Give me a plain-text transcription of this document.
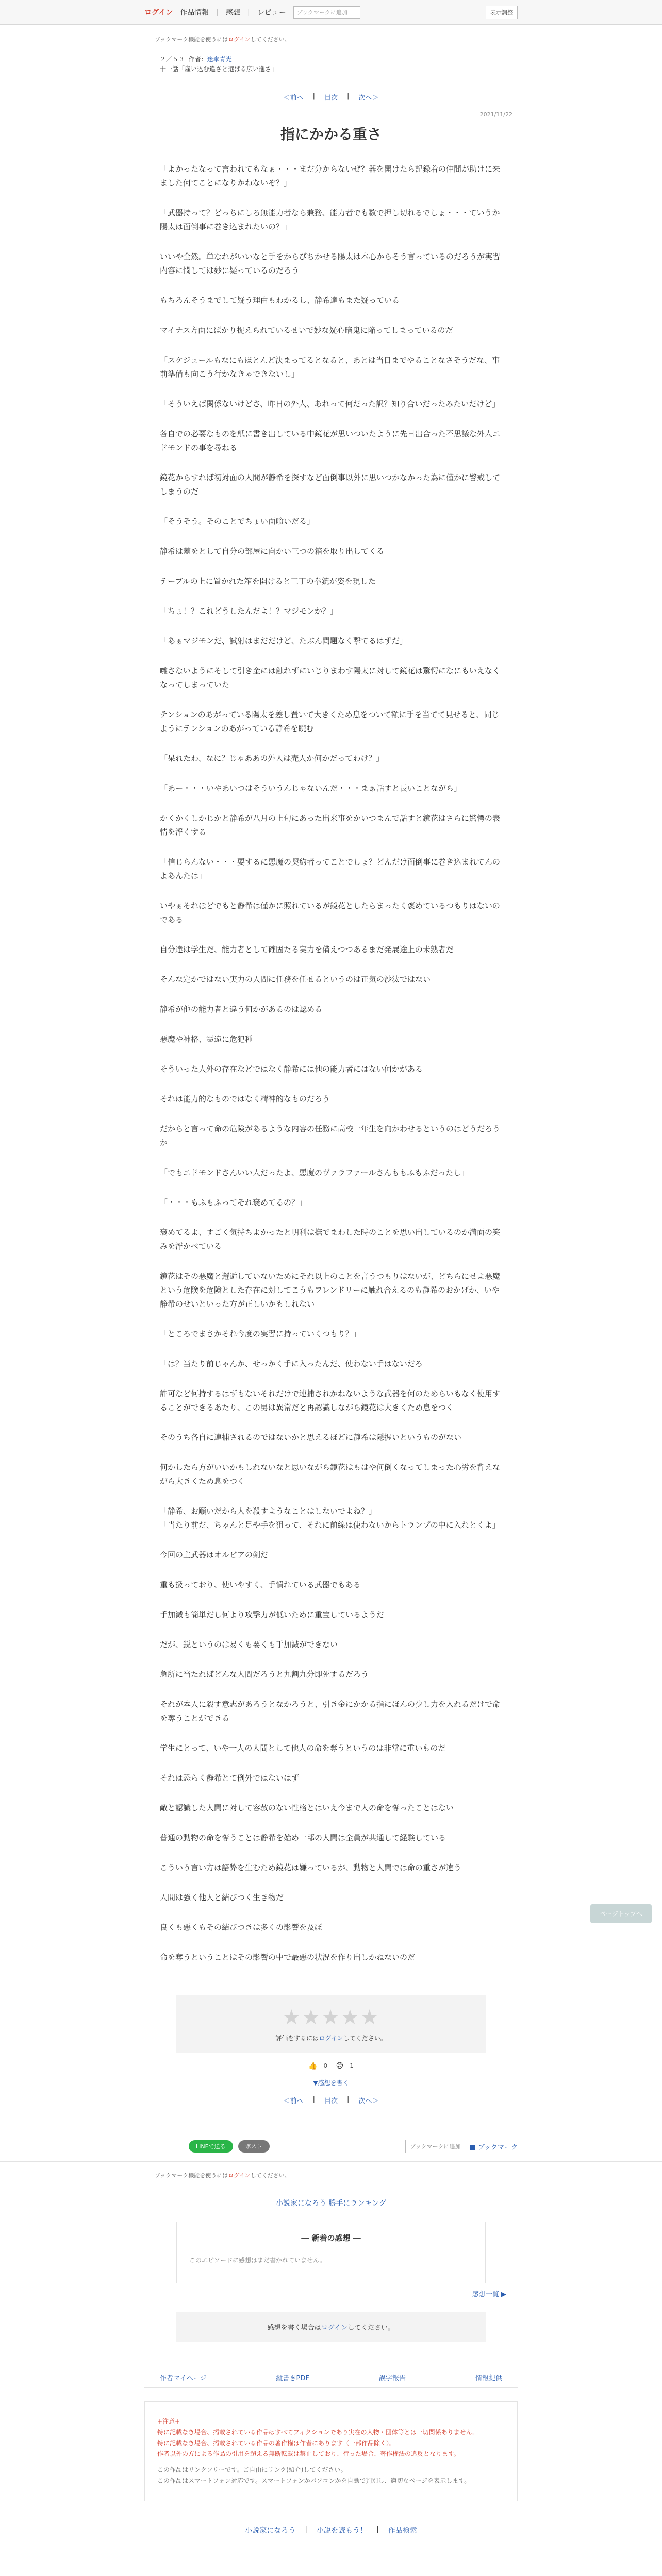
ログイン 作品情報 | 感想 | レビュー	ブックマークに追加	表示調整
ブックマーク機能を使うにはログインしてください。
２／５３ 作者：迷傘青光
十一話「雇い込む違さと選ばる広い進さ」
＜前へ | 目次 | 次へ＞
2021/11/22
指にかかる重さ

「よかったなって言われてもなぁ・・・まだ分からないぜ？器を開けたら記録着の仲間が助けに来ました何てことになりかねないぞ？」

「武器持って？どっちにしろ無能力者なら兼務、能力者でも数で押し切れるでしょ・・・ていうか陽太は面倒事に巻き込まれたいの？」

いいや全然。単なれがいいなと手をからびちかせる陽太は本心からそう言っているのだろうが実習内容に憫しては妙に疑っているのだろう

もちろんそうまでして疑う理由もわかるし、静希達もまた疑っている

マイナス方面にばかり捉えられているせいで妙な疑心暗鬼に陥ってしまっているのだ

「スケジュールもなにもほとんど決まってるとなると、あとは当日までやることなさそうだな、事前準備も向こう行かなきゃできないし」

「そういえば関係ないけどさ、昨日の外人、あれって何だった訳？知り合いだったみたいだけど」

各自での必要なものを紙に書き出している中鏡花が思いついたように先日出合った不思議な外人エドモンドの事を尋ねる

鏡花からすれば初対面の人間が静希を探すなど面倒事以外に思いつかなかった為に僅かに警戒してしまうのだ

「そうそう。そのことでちょい面喰いだる」

静希は蓋をとして自分の部屋に向かい三つの箱を取り出してくる

テーブルの上に置かれた箱を開けると三丁の拳銃が姿を現した

「ちょ！？これどうしたんだよ！？マジモンか？」

「あぁマジモンだ、試射はまだだけど、たぶん問題なく撃てるはずだ」

囃さないようにそして引き金には触れずにいじりまわす陽太に対して鏡花は驚愕になにもいえなくなってしまっていた

テンションのあがっている陽太を差し置いて大きくため息をついて額に手を当てて見せると、同じようにテンションのあがっている静希を睨む

「呆れたわ、なに？じゃああの外人は売人か何かだってわけ？」

「あー・・・いやあいつはそういうんじゃないんだ・・・まぁ話すと長いことながら」

かくかくしかじかと静希が八月の上旬にあった出来事をかいつまんで話すと鏡花はさらに驚愕の表情を浮くする

「信じらんない・・・要するに悪魔の契約者ってことでしょ？どんだけ面倒事に巻き込まれてんのよあんたは」

いやぁそれほどでもと静希は僅かに照れているが鏡花としたらまったく褒めているつもりはないのである

自分達は学生だ、能力者として確固たる実力を備えつつあるまだ発展途上の未熟者だ

そんな定かではない実力の人間に任務を任せるというのは正気の沙汰ではない

静希が他の能力者と違う何かがあるのは認める

悪魔や神格、霊遠に危犯種

そういった人外の存在などではなく静希には他の能力者にはない何かがある

それは能力的なものではなく精神的なものだろう

だからと言って命の危険があるような内容の任務に高校一年生を向かわせるというのはどうだろうか

「でもエドモンドさんいい人だったよ、悪魔のヴァラファールさんももふもふだったし」

「・・・もふもふってそれ褒めてるの？」

褒めてるよ、すごく気持ちよかったと明利は撫でまわした時のことを思い出しているのか満面の笑みを浮かべている

鏡花はその悪魔と邂逅していないためにそれ以上のことを言うつもりはないが、どちらにせよ悪魔という危険を危険とした存在に対してこうもフレンドリーに触れ合えるのも静希のおかげか、いや静希のせいといった方が正しいかもしれない

「ところでまさかそれ今度の実習に持っていくつもり？」

「は？当たり前じゃんか、せっかく手に入ったんだ、使わない手はないだろ」

許可など何持するはずもないそれだけで連捕されかねないような武器を何のためらいもなく使用することができるあたり、この男は異常だと再認識しながら鏡花は大きくため息をつく

そのうち各自に連捕されるのではないかと思えるほどに静希は隠握いというものがない

何かしたら方がいいかもしれないなと思いながら鏡花はもはや何倒くなってしまった心労を背えながら大きくため息をつく

「静希、お願いだから人を殺すようなことはしないでよね？」
「当たり前だ、ちゃんと足や手を狙って、それに前線は使わないからトランプの中に入れとくよ」

今回の主武器はオルビアの剣だ

重も扱っており、使いやすく、手慣れている武器でもある

手加減も簡単だし何より攻撃力が低いために重宝しているようだ

だが、鋭というのは易くも要くも手加減ができない

急所に当たればどんな人間だろうと九割九分即死するだろう

それが本人に殺す意志があろうとなかろうと、引き金にかかる指にほんの少し力を入れるだけで命を奪うことができる

学生にとって、いや一人の人間として他人の命を奪うというのは非常に重いものだ

それは恐らく静希とて例外ではないはず

敵と認識した人間に対して容赦のない性格とはいえ今まで人の命を奪ったことはない

普通の動物の命を奪うことは静希を始め一部の人間は全員が共通して経験している

こういう言い方は語弊を生むため鏡花は嫌っているが、動物と人間では命の重さが違う

人間は強く他人と結びつく生き物だ

良くも悪くもその結びつきは多くの影響を及ぼ

命を奪うということはその影響の中で最悪の状況を作り出しかねないのだ

★★★★★
評価をするにはログインしてください。
👍 0 😊 1
▼感想を書く
＜前へ | 目次 | 次へ＞
LINEで送る	ポスト	ブックマークに追加	■ ブックマーク
ブックマーク機能を使うにはログインしてください。
小説家になろう 勝手にランキング
― 新着の感想 ―
このエピソードに感想はまだ書かれていません。
感想一覧 ▶
感想を書く場合はログインしてください。
作者マイページ	縦書きPDF	誤字報告	情報提供
+注意+
特に記載なき場合、掲載されている作品はすべてフィクションであり実在の人物・団体等とは一切関係ありません。
特に記載なき場合、掲載されている作品の著作権は作者にあります（一部作品除く）。
作者以外の方による作品の引用を超える無断転載は禁止しており、行った場合、著作権法の違反となります。
この作品はリンクフリーです。ご自由にリンク(紹介)してください。
この作品はスマートフォン対応です。スマートフォンかパソコンかを自動で判別し、適切なページを表示します。
小説家になろう | 小説を読もう！ | 作品検索
ページトップへ
